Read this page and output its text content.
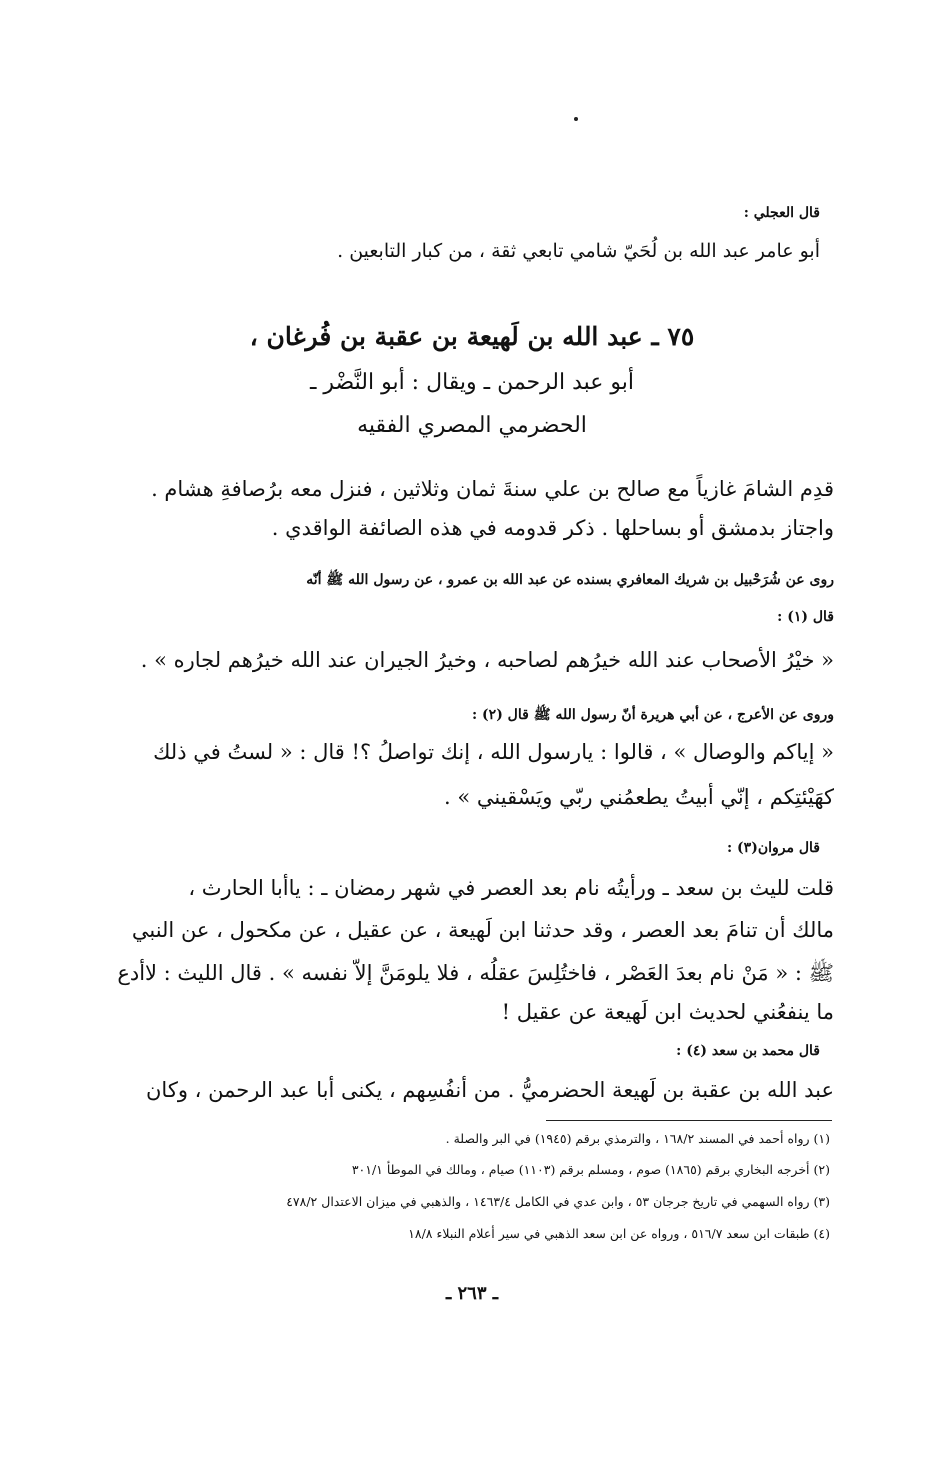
قال العجلي :
أبو عامر عبد الله بن لُحَيّ شامي تابعي ثقة ، من كبار التابعين .
٧٥ ـ عبد الله بن لَهيعة بن عقبة بن فُرغان ،
أبو عبد الرحمن ـ ويقال : أبو النَّضْر ـ
الحضرمي المصري الفقيه
قدِم الشامَ غازياً مع صالح بن علي سنةَ ثمان وثلاثين ، فنزل معه برُصافةِ هشام .
واجتاز بدمشق أو بساحلها . ذكر قدومه في هذه الصائفة الواقدي .
روى عن شُرَحْبيل بن شريك المعافري بسنده عن عبد الله بن عمرو ، عن رسول الله ﷺ أنّه
قال (١) :
« خيْرُ الأصحاب عند الله خيرُهم لصاحبه ، وخيرُ الجيران عند الله خيرُهم لجاره » .
وروى عن الأعرج ، عن أبي هريرة أنّ رسول الله ﷺ قال (٢) :
« إياكم والوصال » ، قالوا : يارسول الله ، إنك تواصلُ ؟! قال : « لستُ في ذلك
كهَيْئتِكم ، إنّي أبيتُ يطعمُني ربّي ويَسْقيني » .
قال مروان(٣) :
قلت لليث بن سعد ـ ورأيتُه نام بعد العصر في شهر رمضان ـ : ياأبا الحارث ،
مالك أن تنامَ بعد العصر ، وقد حدثنا ابن لَهيعة ، عن عقيل ، عن مكحول ، عن النبي
ﷺ : « مَنْ نام بعدَ العَصْر ، فاختُلِسَ عقلُه ، فلا يلومَنَّ إلاّ نفسه » . قال الليث : لاأدع
ما ينفعُني لحديث ابن لَهيعة عن عقيل !
قال محمد بن سعد (٤) :
عبد الله بن عقبة بن لَهيعة الحضرميُّ . من أنفُسِهم ، يكنى أبا عبد الرحمن ، وكان
(١) رواه أحمد في المسند ١٦٨/٢ ، والترمذي برقم (١٩٤٥) في البر والصلة .
(٢) أخرجه البخاري برقم (١٨٦٥) صوم ، ومسلم برقم (١١٠٣) صيام ، ومالك في الموطأ ٣٠١/١
(٣) رواه السهمي في تاريخ جرجان ٥٣ ، وابن عدي في الكامل ١٤٦٣/٤ ، والذهبي في ميزان الاعتدال ٤٧٨/٢
(٤) طبقات ابن سعد ٥١٦/٧ ، ورواه عن ابن سعد الذهبي في سير أعلام النبلاء ١٨/٨
ـ ٢٦٣ ـ
